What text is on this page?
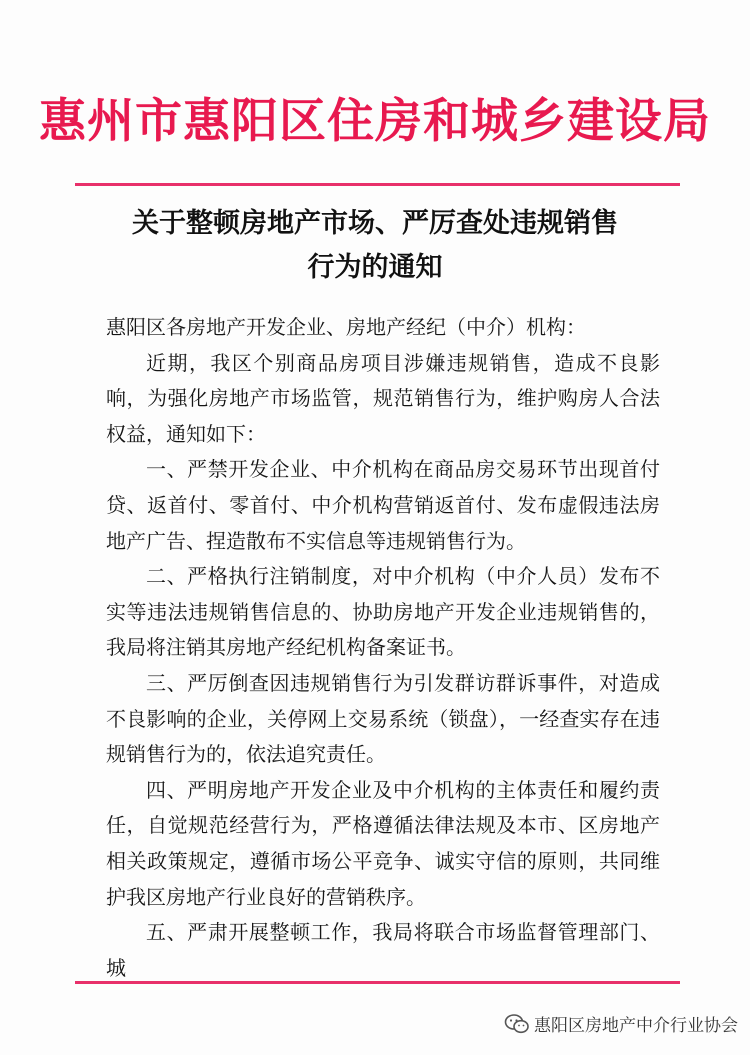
惠州市惠阳区住房和城乡建设局
关于整顿房地产市场、严厉查处违规销售
行为的通知

惠阳区各房地产开发企业、房地产经纪（中介）机构：

近期，我区个别商品房项目涉嫌违规销售，造成不良影响，为强化房地产市场监管，规范销售行为，维护购房人合法权益，通知如下：

一、严禁开发企业、中介机构在商品房交易环节出现首付贷、返首付、零首付、中介机构营销返首付、发布虚假违法房地产广告、捏造散布不实信息等违规销售行为。

二、严格执行注销制度，对中介机构（中介人员）发布不实等违法违规销售信息的、协助房地产开发企业违规销售的，我局将注销其房地产经纪机构备案证书。

三、严厉倒查因违规销售行为引发群访群诉事件，对造成不良影响的企业，关停网上交易系统（锁盘），一经查实存在违规销售行为的，依法追究责任。

四、严明房地产开发企业及中介机构的主体责任和履约责任，自觉规范经营行为，严格遵循法律法规及本市、区房地产相关政策规定，遵循市场公平竞争、诚实守信的原则，共同维护我区房地产行业良好的营销秩序。

五、严肃开展整顿工作，我局将联合市场监督管理部门、城

惠阳区房地产中介行业协会
